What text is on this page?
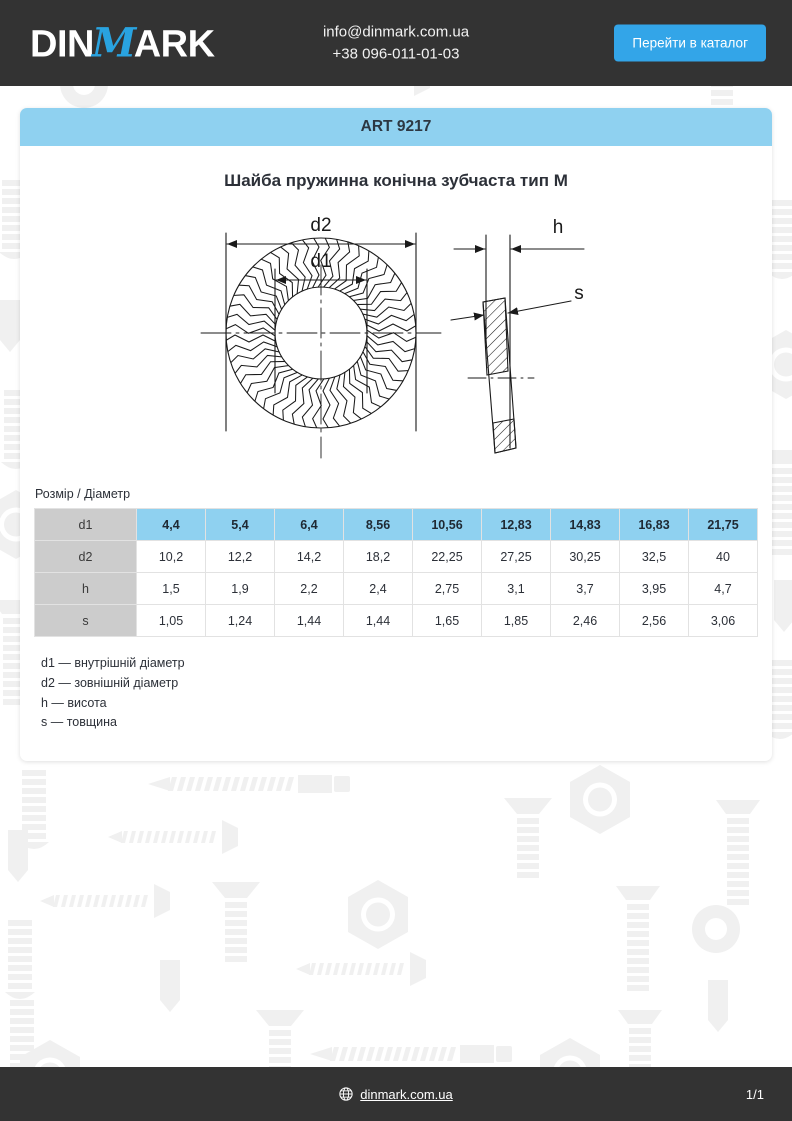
DIN
M
ARK	info@dinmark.com.ua
+38 096-011-01-03
Перейти в каталог
ART 9217
Шайба пружинна конічна зубчаста тип М
d2
d1
h
s
Розмір / Діаметр
d1	4,4	5,4	6,4	8,56	10,56	12,83	14,83	16,83	21,75
d2	10,2	12,2	14,2	18,2	22,25	27,25	30,25	32,5	40
h	1,5	1,9	2,2	2,4	2,75	3,1	3,7	3,95	4,7
s	1,05	1,24	1,44	1,44	1,65	1,85	2,46	2,56	3,06
d1 — внутрішній діаметр
d2 — зовнішній діаметр
h — висота
s — товщина
dinmark.com.ua	1/1
